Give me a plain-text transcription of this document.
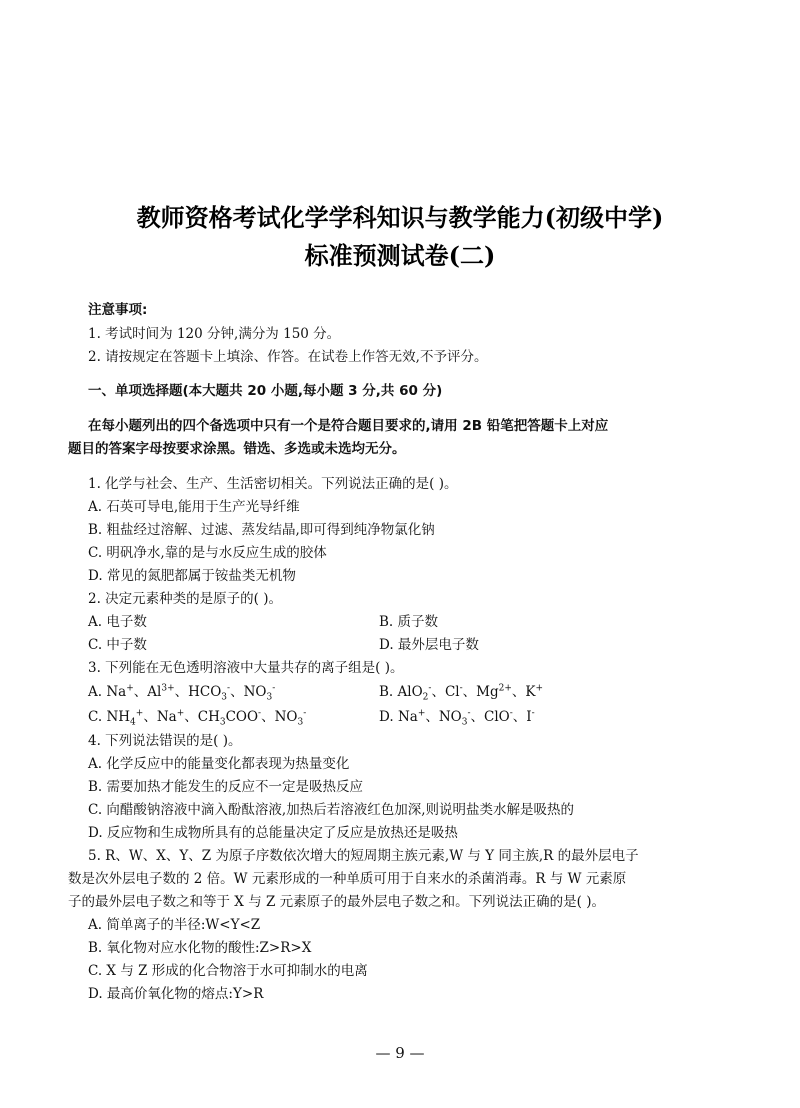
教师资格考试化学学科知识与教学能力(初级中学)
标准预测试卷(二)
注意事项:
1. 考试时间为 120 分钟,满分为 150 分。
2. 请按规定在答题卡上填涂、作答。在试卷上作答无效,不予评分。
一、单项选择题(本大题共 20 小题,每小题 3 分,共 60 分)
在每小题列出的四个备选项中只有一个是符合题目要求的,请用 2B 铅笔把答题卡上对应
题目的答案字母按要求涂黑。错选、多选或未选均无分。
1. 化学与社会、生产、生活密切相关。下列说法正确的是( )。
A. 石英可导电,能用于生产光导纤维
B. 粗盐经过溶解、过滤、蒸发结晶,即可得到纯净物氯化钠
C. 明矾净水,靠的是与水反应生成的胶体
D. 常见的氮肥都属于铵盐类无机物
2. 决定元素种类的是原子的( )。
A. 电子数	B. 质子数
C. 中子数	D. 最外层电子数
3. 下列能在无色透明溶液中大量共存的离子组是( )。
A. Na+、$Al^{3+}$、$HCO_3^-$、$NO_3^-$	B. AlO$_2$-、Cl-、$Mg^{2+}$、K+
C. $NH_4^+$、Na+、$CH_3COO^-$、$NO_3^-$	D. Na+、$NO_3^-$、ClO-、I-
4. 下列说法错误的是( )。
A. 化学反应中的能量变化都表现为热量变化
B. 需要加热才能发生的反应不一定是吸热反应
C. 向醋酸钠溶液中滴入酚酞溶液,加热后若溶液红色加深,则说明盐类水解是吸热的
D. 反应物和生成物所具有的总能量决定了反应是放热还是吸热
5. R、W、X、Y、Z 为原子序数依次增大的短周期主族元素,W 与 Y 同主族,R 的最外层电子
数是次外层电子数的 2 倍。W 元素形成的一种单质可用于自来水的杀菌消毒。R 与 W 元素原
子的最外层电子数之和等于 X 与 Z 元素原子的最外层电子数之和。下列说法正确的是( )。
A. 简单离子的半径:W<Y<Z
B. 氧化物对应水化物的酸性:Z>R>X
C. X 与 Z 形成的化合物溶于水可抑制水的电离
D. 最高价氧化物的熔点:Y>R
— 9 —
